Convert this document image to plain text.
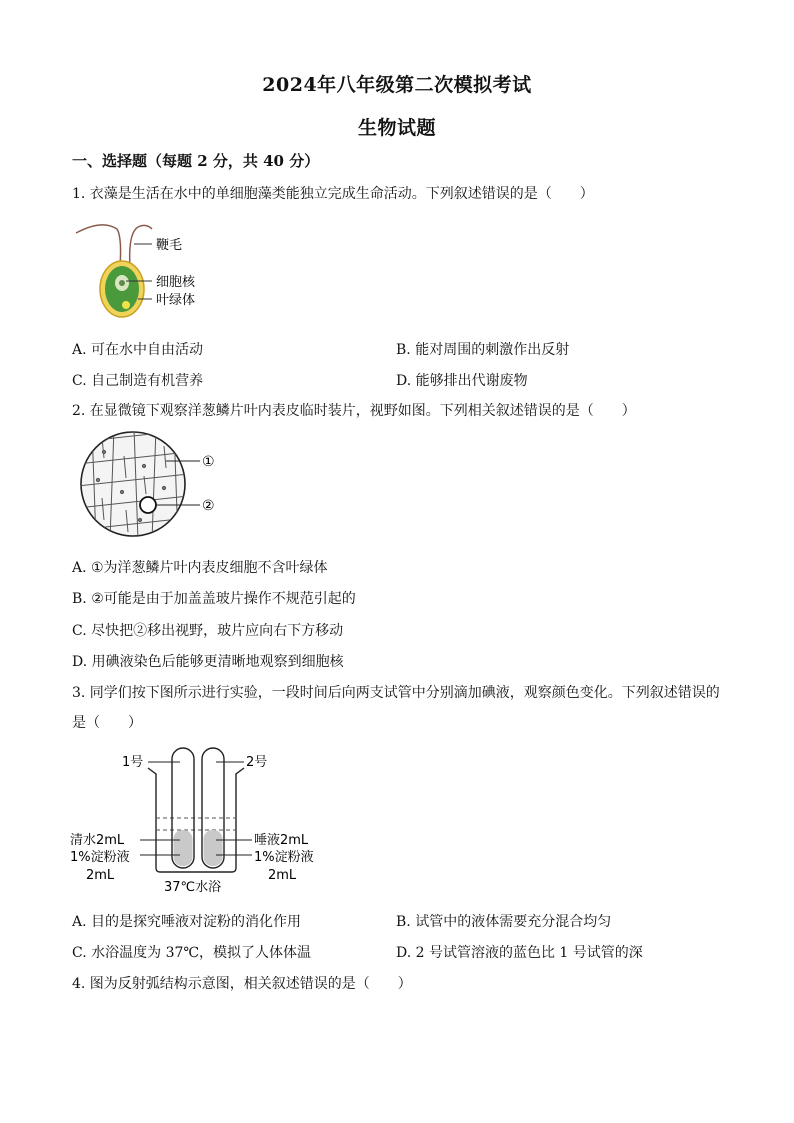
2024年八年级第二次模拟考试
生物试题
一、选择题（每题 2 分，共 40 分）
1. 衣藻是生活在水中的单细胞藻类能独立完成生命活动。下列叙述错误的是（　　）
鞭毛
细胞核
叶绿体
A. 可在水中自由活动	B. 能对周围的刺激作出反射
C. 自己制造有机营养	D. 能够排出代谢废物
2. 在显微镜下观察洋葱鳞片叶内表皮临时装片，视野如图。下列相关叙述错误的是（　　）
①
②
A. ①为洋葱鳞片叶内表皮细胞不含叶绿体
B. ②可能是由于加盖盖玻片操作不规范引起的
C. 尽快把②移出视野，玻片应向右下方移动
D. 用碘液染色后能够更清晰地观察到细胞核
3. 同学们按下图所示进行实验，一段时间后向两支试管中分别滴加碘液，观察颜色变化。下列叙述错误的
是（　　）
1号	2号
清水2mL
1%淀粉液
2mL
唾液2mL
1%淀粉液
2mL
37℃水浴
A. 目的是探究唾液对淀粉的消化作用	B. 试管中的液体需要充分混合均匀
C. 水浴温度为 37℃，模拟了人体体温	D. 2 号试管溶液的蓝色比 1 号试管的深
4. 图为反射弧结构示意图，相关叙述错误的是（　　）
